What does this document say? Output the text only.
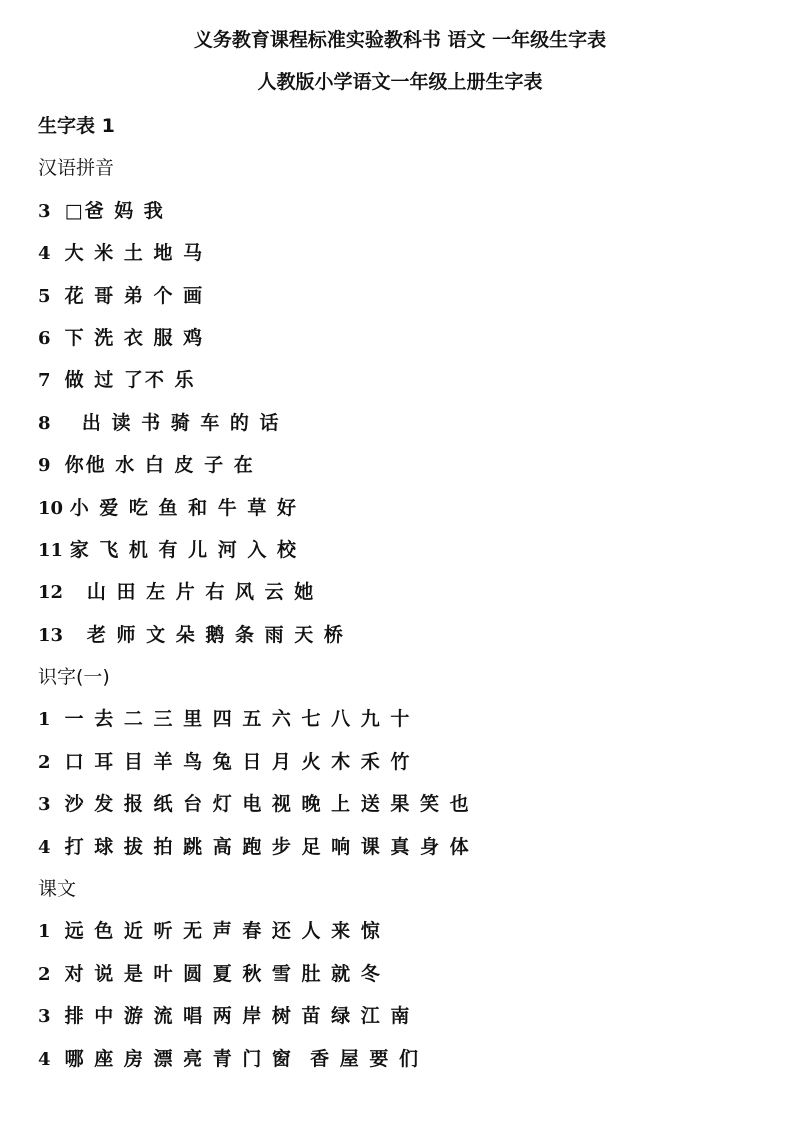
义务教育课程标准实验教科书 语文 一年级生字表
人教版小学语文一年级上册生字表
生字表 1
汉语拼音
3 □爸 妈 我
4 大 米 土 地 马
5 花 哥 弟 个 画
6 下 洗 衣 服 鸡
7 做 过 了不 乐
8   出 读 书 骑 车 的 话
9 你他 水 白 皮 子 在
10 小 爱 吃 鱼 和 牛 草 好
11 家 飞 机 有 儿 河 入 校
12   山 田 左 片 右 风 云 她
13   老 师 文 朵 鹅 条 雨 天 桥
识字(一)
1 一 去 二 三 里 四 五 六 七 八 九 十
2 口 耳 目 羊 鸟 兔 日 月 火 木 禾 竹
3 沙 发 报 纸 台 灯 电 视 晚 上 送 果 笑 也
4 打 球 拔 拍 跳 高 跑 步 足 响 课 真 身 体
课文
1 远 色 近 听 无 声 春 还 人 来 惊
2 对 说 是 叶 圆 夏 秋 雪 肚 就 冬
3 排 中 游 流 唱 两 岸 树 苗 绿 江 南
4 哪 座 房 漂 亮 青 门 窗  香 屋 要 们
